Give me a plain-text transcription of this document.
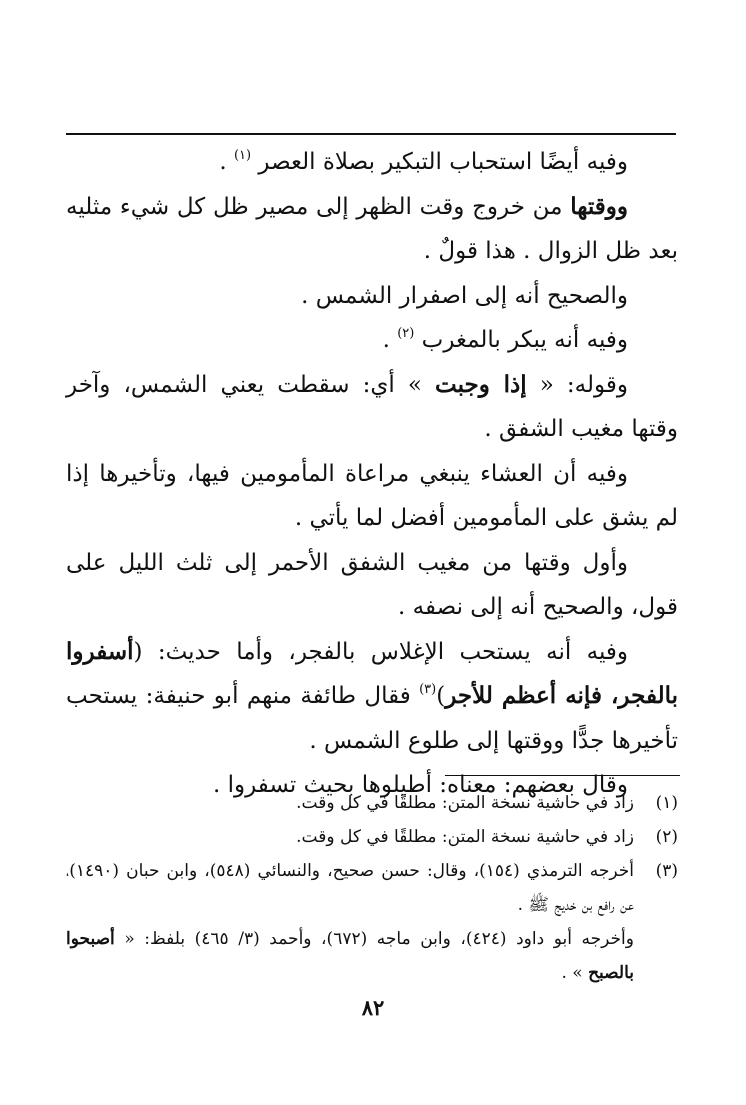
وفيه أيضًا استحباب التبكير بصلاة العصر $^{(١)}$ .

ووقتها من خروج وقت الظهر إلى مصير ظل كل شيء مثليه بعد ظل الزوال . هذا قولٌ .

والصحيح أنه إلى اصفرار الشمس .

وفيه أنه يبكر بالمغرب $^{(٢)}$ .

وقوله: « إذا وجبت » أي: سقطت يعني الشمس، وآخر وقتها مغيب الشفق .

وفيه أن العشاء ينبغي مراعاة المأمومين فيها، وتأخيرها إذا لم يشق على المأمومين أفضل لما يأتي .

وأول وقتها من مغيب الشفق الأحمر إلى ثلث الليل على قول، والصحيح أنه إلى نصفه .

وفيه أنه يستحب الإغلاس بالفجر، وأما حديث: (أسفروا بالفجر، فإنه أعظم للأجر)$^{(٣)}$ فقال طائفة منهم أبو حنيفة: يستحب تأخيرها جدًّا ووقتها إلى طلوع الشمس .

وقال بعضهم: معناه: أطيلوها بحيث تسفروا .

(١)

زاد في حاشية نسخة المتن: مطلقًا في كل وقت.

(٢)

زاد في حاشية نسخة المتن: مطلقًا في كل وقت.

(٣)

أخرجه الترمذي (١٥٤)، وقال: حسن صحيح، والنسائي (٥٤٨)، وابن حبان (١٤٩٠)، عن رافع بن خديج ﷺ .

وأخرجه أبو داود (٤٢٤)، وابن ماجه (٦٧٢)، وأحمد (٣/ ٤٦٥) بلفظ: « أصبحوا بالصبح » .

٨٢
